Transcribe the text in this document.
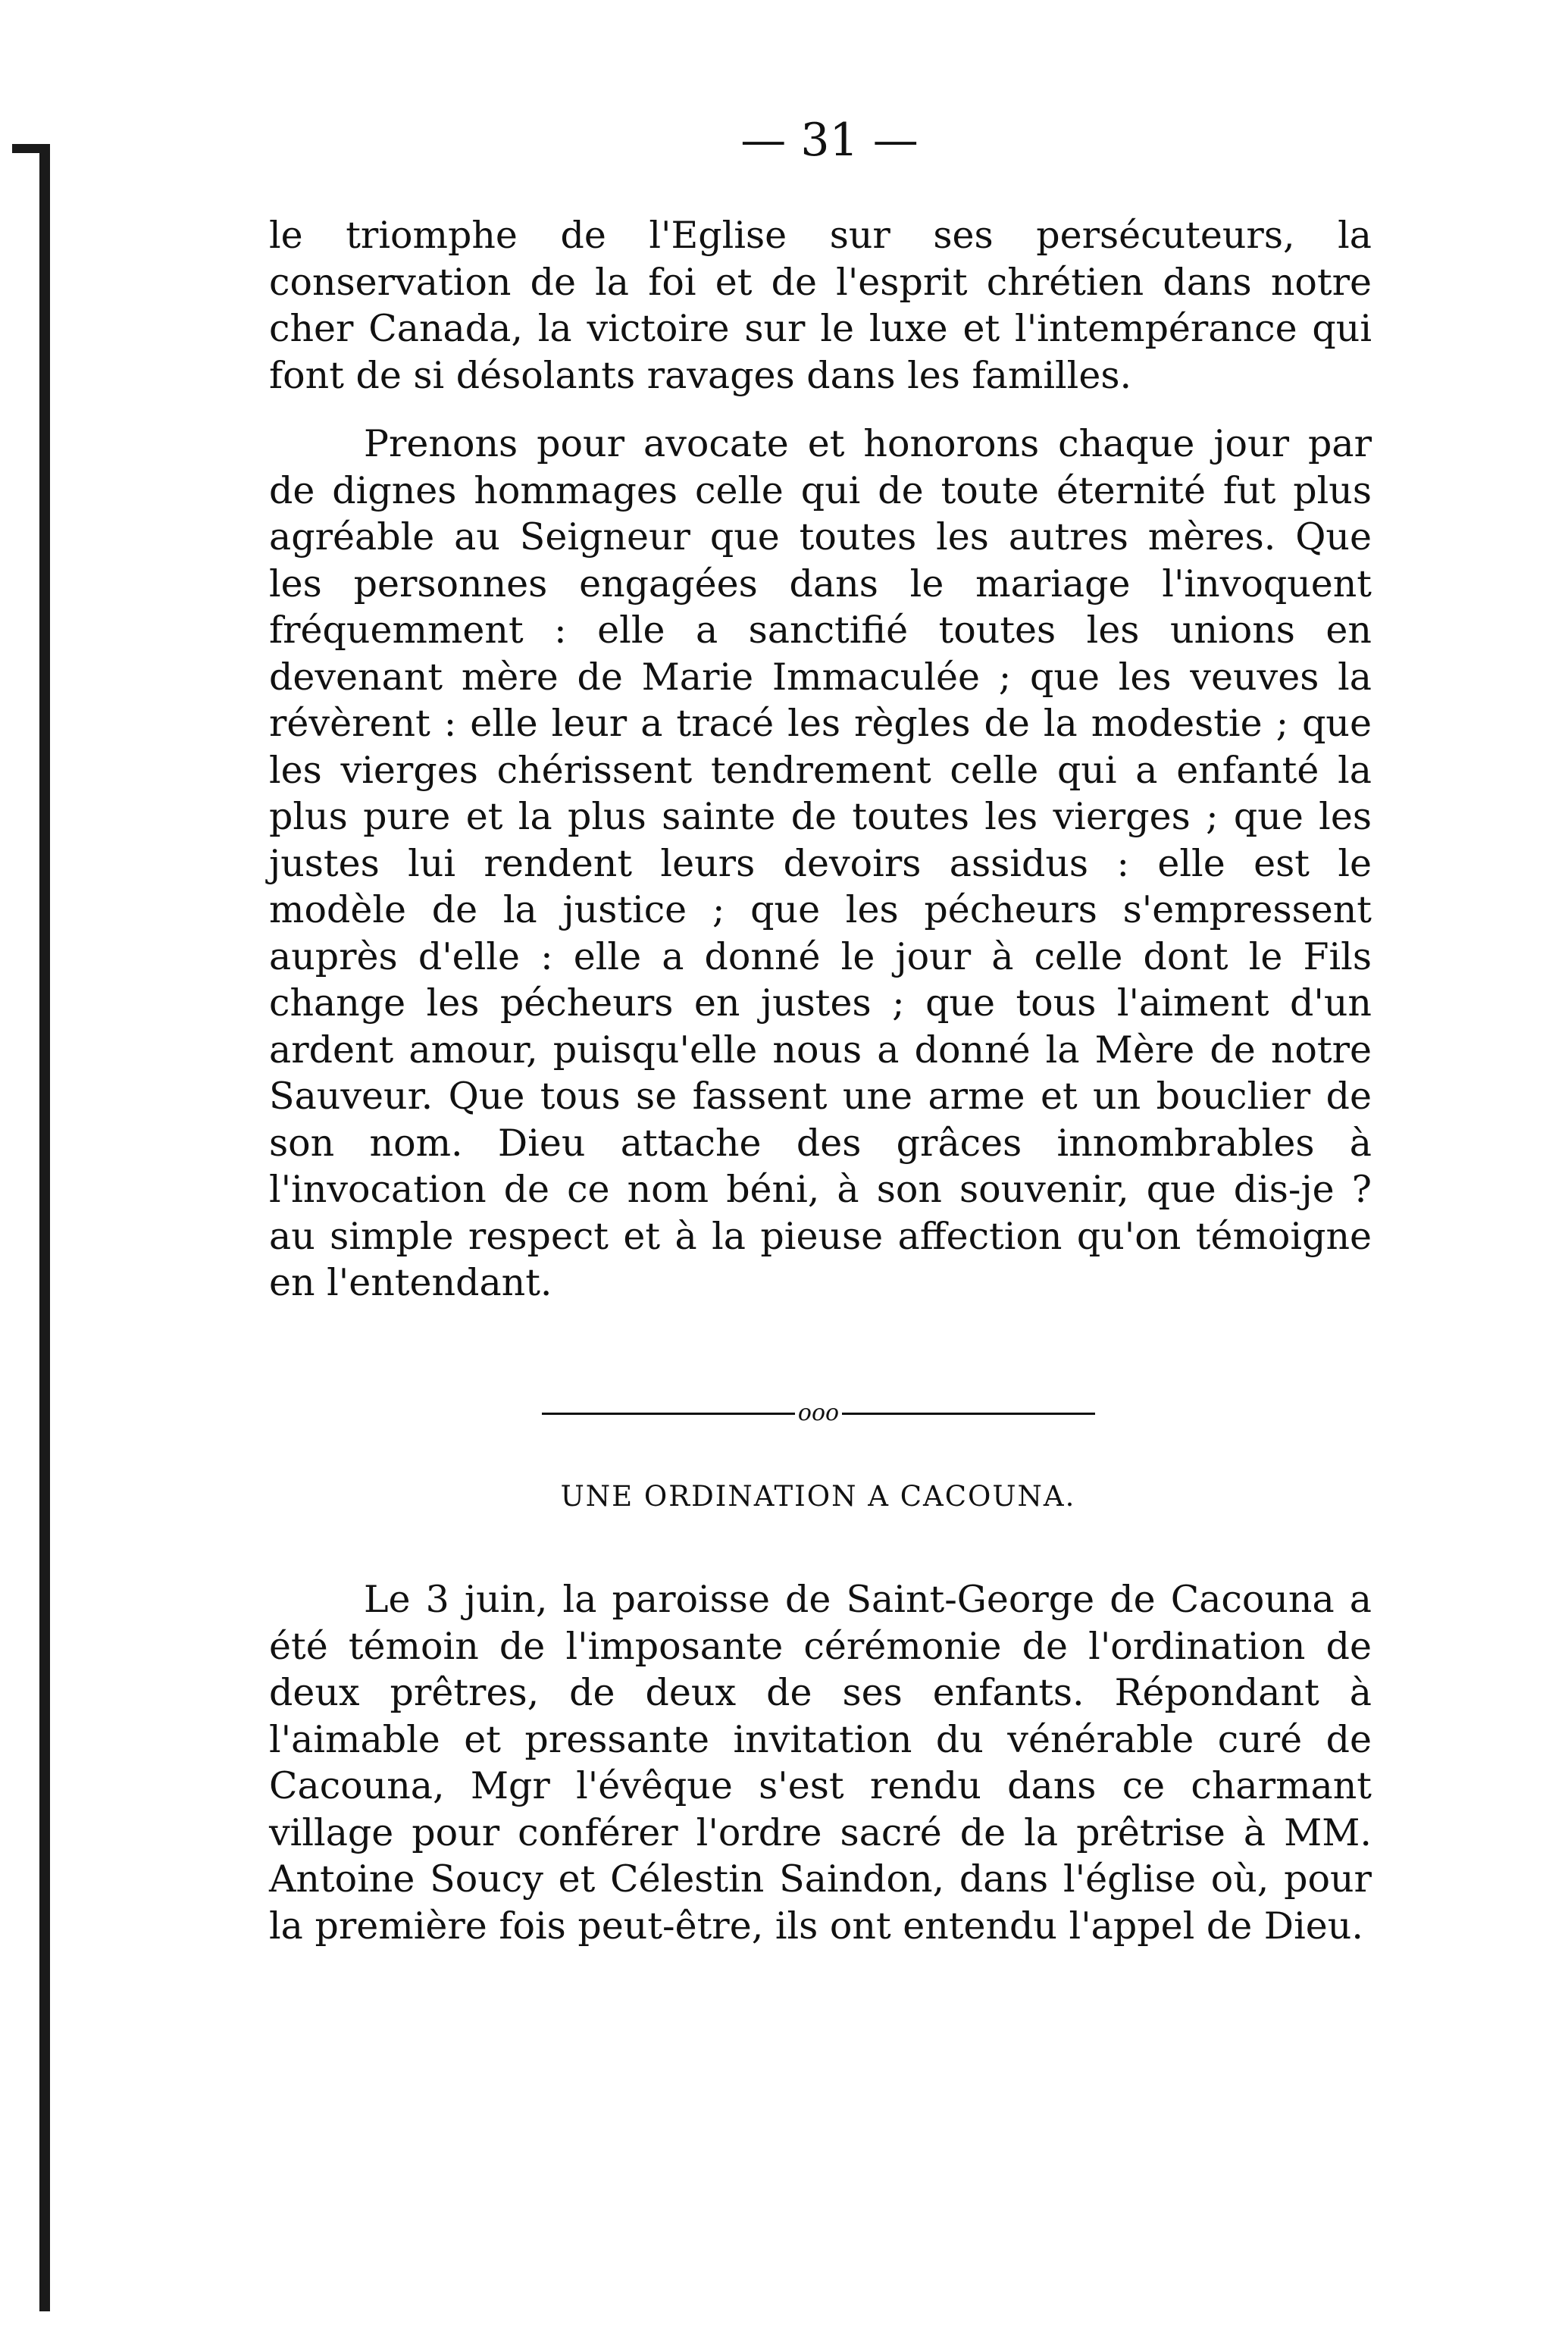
— 31 —

le triomphe de l'Eglise sur ses persécuteurs, la conservation de la foi et de l'esprit chrétien dans notre cher Canada, la victoire sur le luxe et l'intempérance qui font de si désolants ravages dans les familles.

Prenons pour avocate et honorons chaque jour par de dignes hommages celle qui de toute éternité fut plus agréable au Seigneur que toutes les autres mères. Que les personnes engagées dans le mariage l'invoquent fréquemment : elle a sanctifié toutes les unions en devenant mère de Marie Immaculée ; que les veuves la révèrent : elle leur a tracé les règles de la modestie ; que les vierges chérissent tendrement celle qui a enfanté la plus pure et la plus sainte de toutes les vierges ; que les justes lui rendent leurs devoirs assidus : elle est le modèle de la justice ; que les pécheurs s'empressent auprès d'elle : elle a donné le jour à celle dont le Fils change les pécheurs en justes ; que tous l'aiment d'un ardent amour, puisqu'elle nous a donné la Mère de notre Sauveur. Que tous se fassent une arme et un bouclier de son nom. Dieu attache des grâces innombrables à l'invocation de ce nom béni, à son souvenir, que dis-je ? au simple respect et à la pieuse affection qu'on témoigne en l'entendant.

ooo
UNE ORDINATION A CACOUNA.

Le 3 juin, la paroisse de Saint-George de Cacouna a été témoin de l'imposante cérémonie de l'ordination de deux prêtres, de deux de ses enfants. Répondant à l'aimable et pressante invitation du vénérable curé de Cacouna, Mgr l'évêque s'est rendu dans ce charmant village pour conférer l'ordre sacré de la prêtrise à MM. Antoine Soucy et Célestin Saindon, dans l'église où, pour la première fois peut-être, ils ont entendu l'appel de Dieu.
